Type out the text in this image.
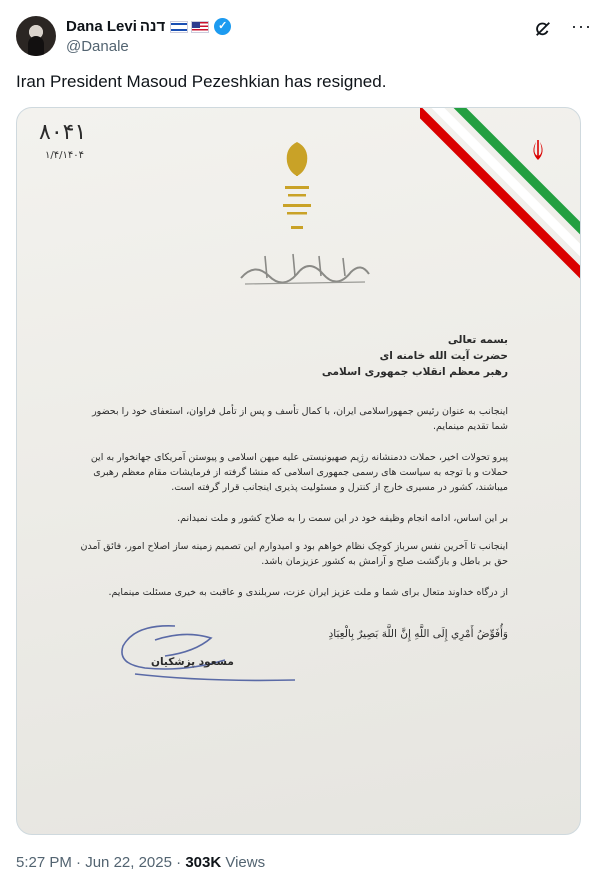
Dana Levi דנה	✓
@Danale
···
Iran President Masoud Pezeshkian has resigned.
۸۰۴۱
۱/۴/۱۴۰۴
بسمه تعالی
حضرت آیت الله خامنه ای
رهبر معظم انقلاب جمهوری اسلامی
اینجانب به عنوان رئیس جمهوراسلامی ایران، با کمال تأسف و پس از تأمل فراوان، استعفای خود را بحضور شما تقدیم مینمایم.
پیرو تحولات اخیر، حملات ددمنشانه رژیم صهیونیستی علیه میهن اسلامی و پیوستن آمریکای جهانخوار به این حملات و با توجه به سیاست های رسمی جمهوری اسلامی که منشا گرفته از فرمایشات مقام معظم رهبری میباشند، کشور در مسیری خارج از کنترل و مسئولیت پذیری اینجانب قرار گرفته است.
بر این اساس، ادامه انجام وظیفه خود در این سمت را به صلاح کشور و ملت نمیدانم.
اینجانب تا آخرین نفس سرباز کوچک نظام خواهم بود و امیدوارم این تصمیم زمینه ساز اصلاح امور، فائق آمدن حق بر باطل و بازگشت صلح و آرامش به کشور عزیزمان باشد.
از درگاه خداوند متعال برای شما و ملت عزیز ایران عزت، سربلندی و عاقبت به خیری مسئلت مینمایم.
وَأُفَوِّضُ أَمْرِي إِلَى اللَّهِ إِنَّ اللَّهَ بَصِيرٌ بِالْعِبَادِ
مسعود پزشکیان
5:27 PM · Jun 22, 2025 · 303K Views
